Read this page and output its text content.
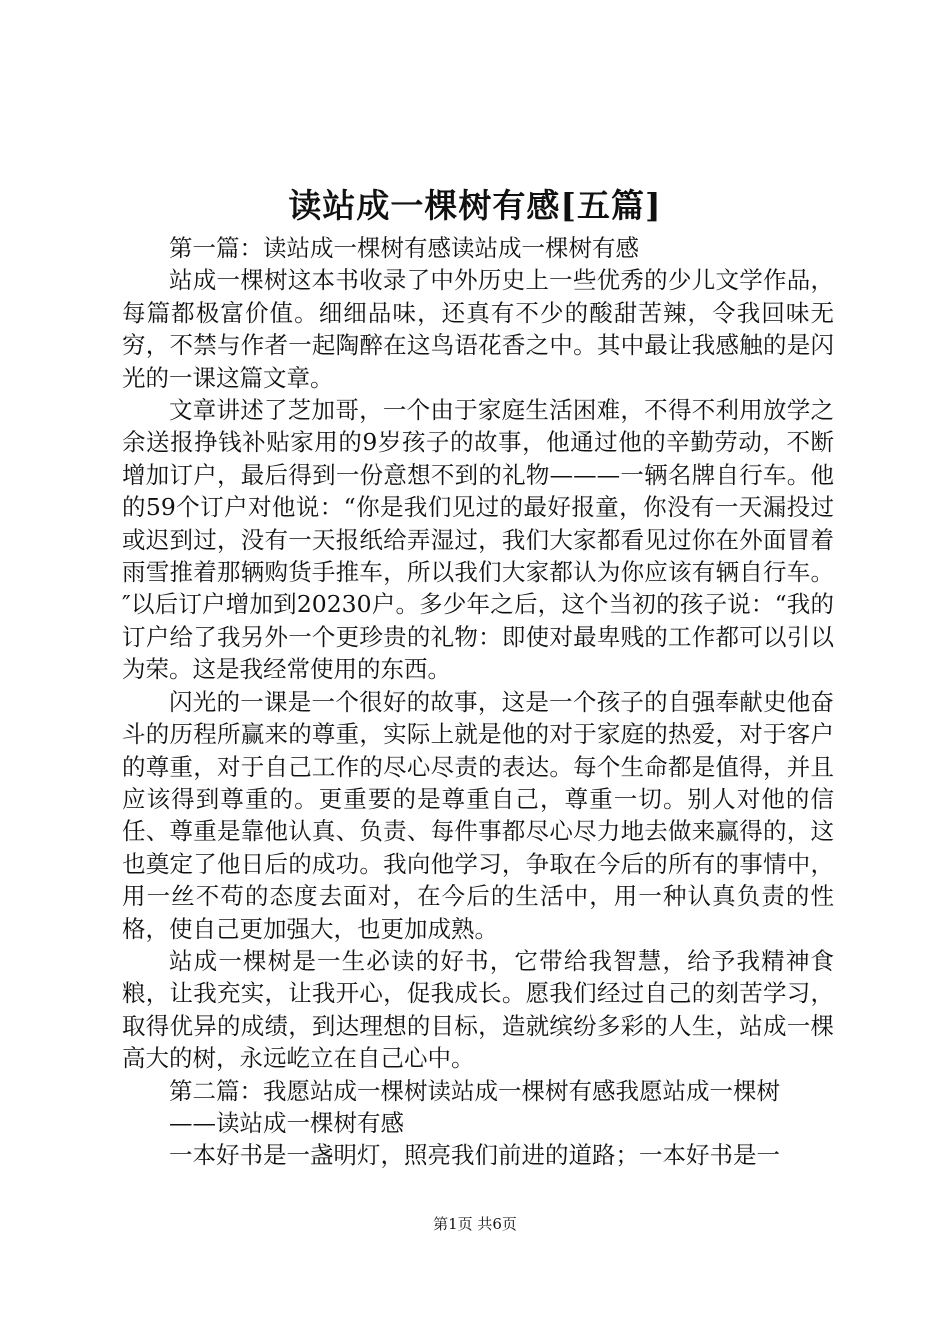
读站成一棵树有感[五篇]

第一篇：读站成一棵树有感读站成一棵树有感

站成一棵树这本书收录了中外历史上一些优秀的少儿文学作品，每篇都极富价值。细细品味，还真有不少的酸甜苦辣，令我回味无穷，不禁与作者一起陶醉在这鸟语花香之中。其中最让我感触的是闪光的一课这篇文章。

文章讲述了芝加哥，一个由于家庭生活困难，不得不利用放学之余送报挣钱补贴家用的9岁孩子的故事，他通过他的辛勤劳动，不断增加订户，最后得到一份意想不到的礼物———一辆名牌自行车。他的59个订户对他说：“你是我们见过的最好报童，你没有一天漏投过或迟到过，没有一天报纸给弄湿过，我们大家都看见过你在外面冒着雨雪推着那辆购货手推车，所以我们大家都认为你应该有辆自行车。″以后订户增加到20230户。多少年之后，这个当初的孩子说：“我的订户给了我另外一个更珍贵的礼物：即使对最卑贱的工作都可以引以为荣。这是我经常使用的东西。

闪光的一课是一个很好的故事，这是一个孩子的自强奉献史他奋斗的历程所赢来的尊重，实际上就是他的对于家庭的热爱，对于客户的尊重，对于自己工作的尽心尽责的表达。每个生命都是值得，并且应该得到尊重的。更重要的是尊重自己，尊重一切。别人对他的信任、尊重是靠他认真、负责、每件事都尽心尽力地去做来赢得的，这也奠定了他日后的成功。我向他学习，争取在今后的所有的事情中，用一丝不苟的态度去面对，在今后的生活中，用一种认真负责的性格，使自己更加强大，也更加成熟。

站成一棵树是一生必读的好书，它带给我智慧，给予我精神食粮，让我充实，让我开心，促我成长。愿我们经过自己的刻苦学习，取得优异的成绩，到达理想的目标，造就缤纷多彩的人生，站成一棵高大的树，永远屹立在自己心中。

第二篇：我愿站成一棵树读站成一棵树有感我愿站成一棵树

——读站成一棵树有感

一本好书是一盏明灯，照亮我们前进的道路；一本好书是一

第1页 共6页
